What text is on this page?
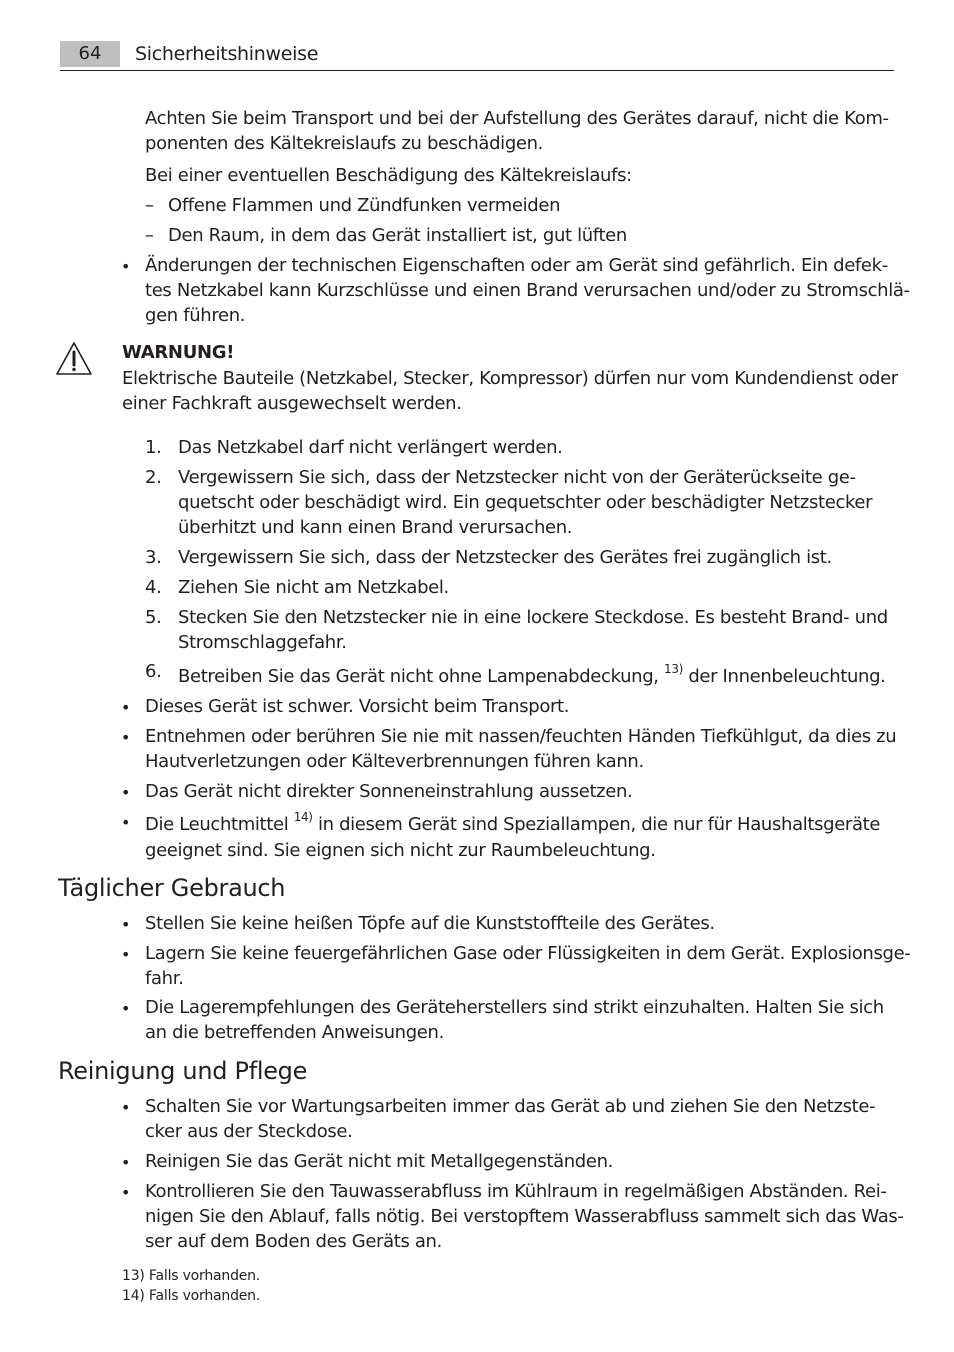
64	Sicherheitshinweise

Achten Sie beim Transport und bei der Aufstellung des Gerätes darauf, nicht die Kom-

ponenten des Kältekreislaufs zu beschädigen.

Bei einer eventuellen Beschädigung des Kältekreislaufs:

– Offene Flammen und Zündfunken vermeiden

– Den Raum, in dem das Gerät installiert ist, gut lüften

• Änderungen der technischen Eigenschaften oder am Gerät sind gefährlich. Ein defek-

tes Netzkabel kann Kurzschlüsse und einen Brand verursachen und/oder zu Stromschlä-

gen führen.

WARNUNG!

Elektrische Bauteile (Netzkabel, Stecker, Kompressor) dürfen nur vom Kundendienst oder

einer Fachkraft ausgewechselt werden.

1. Das Netzkabel darf nicht verlängert werden.

2. Vergewissern Sie sich, dass der Netzstecker nicht von der Geräterückseite ge-

quetscht oder beschädigt wird. Ein gequetschter oder beschädigter Netzstecker

überhitzt und kann einen Brand verursachen.

3. Vergewissern Sie sich, dass der Netzstecker des Gerätes frei zugänglich ist.

4. Ziehen Sie nicht am Netzkabel.

5. Stecken Sie den Netzstecker nie in eine lockere Steckdose. Es besteht Brand- und

Stromschlaggefahr.

6. Betreiben Sie das Gerät nicht ohne Lampenabdeckung, $^{13)}$ der Innenbeleuchtung.

• Dieses Gerät ist schwer. Vorsicht beim Transport.

• Entnehmen oder berühren Sie nie mit nassen/feuchten Händen Tiefkühlgut, da dies zu

Hautverletzungen oder Kälteverbrennungen führen kann.

• Das Gerät nicht direkter Sonneneinstrahlung aussetzen.

• Die Leuchtmittel $^{14)}$ in diesem Gerät sind Speziallampen, die nur für Haushaltsgeräte

geeignet sind. Sie eignen sich nicht zur Raumbeleuchtung.

Täglicher Gebrauch
• Stellen Sie keine heißen Töpfe auf die Kunststoffteile des Gerätes.

• Lagern Sie keine feuergefährlichen Gase oder Flüssigkeiten in dem Gerät. Explosionsge-

fahr.

• Die Lagerempfehlungen des Geräteherstellers sind strikt einzuhalten. Halten Sie sich

an die betreffenden Anweisungen.

Reinigung und Pflege
• Schalten Sie vor Wartungsarbeiten immer das Gerät ab und ziehen Sie den Netzste-

cker aus der Steckdose.

• Reinigen Sie das Gerät nicht mit Metallgegenständen.

• Kontrollieren Sie den Tauwasserabfluss im Kühlraum in regelmäßigen Abständen. Rei-

nigen Sie den Ablauf, falls nötig. Bei verstopftem Wasserabfluss sammelt sich das Was-

ser auf dem Boden des Geräts an.

13) Falls vorhanden.

14) Falls vorhanden.
